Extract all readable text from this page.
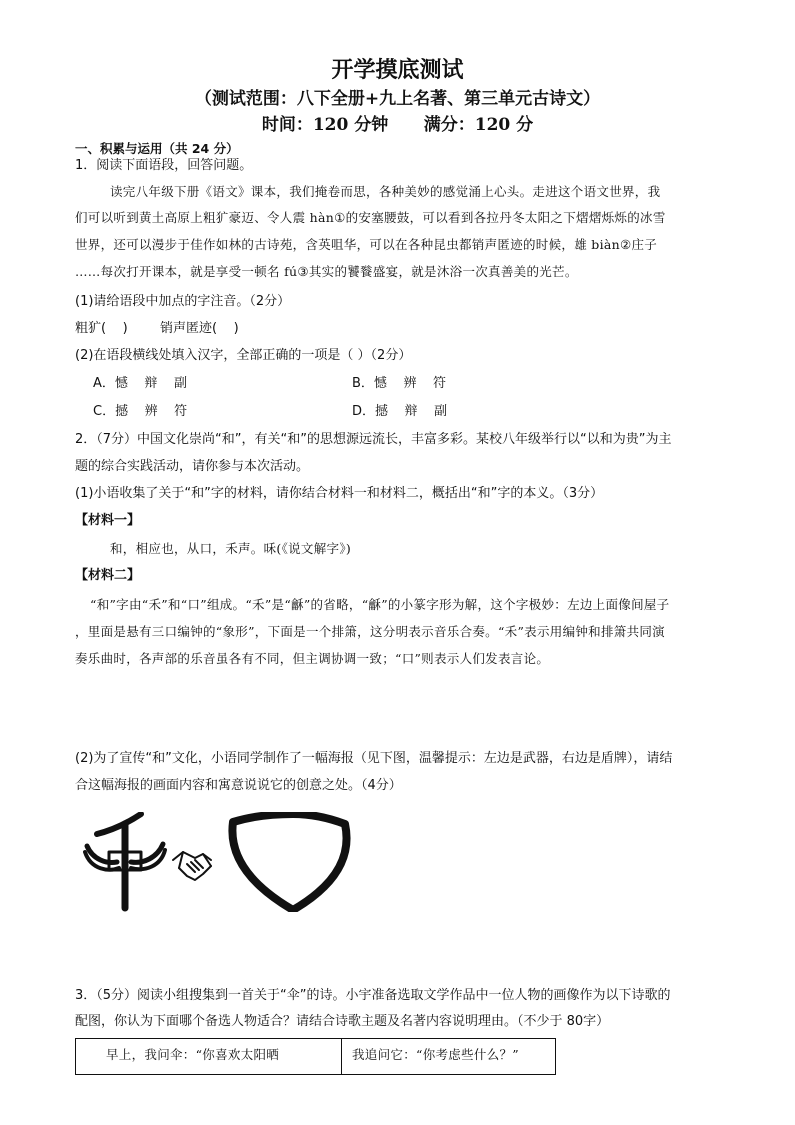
开学摸底测试
（测试范围：八下全册+九上名著、第三单元古诗文）
时间：120 分钟      满分：120 分
一、积累与运用（共 24 分）
1．阅读下面语段，回答问题。
读完八年级下册《语文》课本，我们掩卷而思，各种美妙的感觉涌上心头。走进这个语文世界，我
们可以听到黄土高原上粗犷豪迈、令人震 hàn①的安塞腰鼓，可以看到各拉丹冬太阳之下熠熠烁烁的冰雪
世界，还可以漫步于佳作如林的古诗苑，含英咀华，可以在各种昆虫都销声匿迹的时候，雄 biàn②庄子
……每次打开课本，就是享受一顿名 fú③其实的饕餮盛宴，就是沐浴一次真善美的光芒。
(1)请给语段中加点的字注音。（2分）
粗犷(    ) 销声匿迹(    )
(2)在语段横线处填入汉字，全部正确的一项是（ ）（2分）
A．憾    辩    副	B．憾    辨    符
C．撼    辨    符	D．撼    辩    副
2．（7分）中国文化崇尚“和”，有关“和”的思想源远流长，丰富多彩。某校八年级举行以“以和为贵”为主
题的综合实践活动，请你参与本次活动。
(1)小语收集了关于“和”字的材料，请你结合材料一和材料二，概括出“和”字的本义。（3分）
【材料一】
和，相应也，从口，禾声。咊(《说文解字》)
【材料二】
“和”字由“禾”和“口”组成。“禾”是“龢”的省略，“龢”的小篆字形为解，这个字极妙：左边上面像间屋子
，里面是悬有三口编钟的“象形”，下面是一个排箫，这分明表示音乐合奏。“禾”表示用编钟和排箫共同演
奏乐曲时，各声部的乐音虽各有不同，但主调协调一致；“口”则表示人们发表言论。
(2)为了宣传“和”文化，小语同学制作了一幅海报（见下图，温馨提示：左边是武器，右边是盾牌），请结
合这幅海报的画面内容和寓意说说它的创意之处。（4分）
3．（5分）阅读小组搜集到一首关于“伞”的诗。小宇准备选取文学作品中一位人物的画像作为以下诗歌的
配图，你认为下面哪个备选人物适合？请结合诗歌主题及名著内容说明理由。（不少于 80字）
早上，我问伞：“你喜欢太阳晒	我追问它：“你考虑些什么？”
